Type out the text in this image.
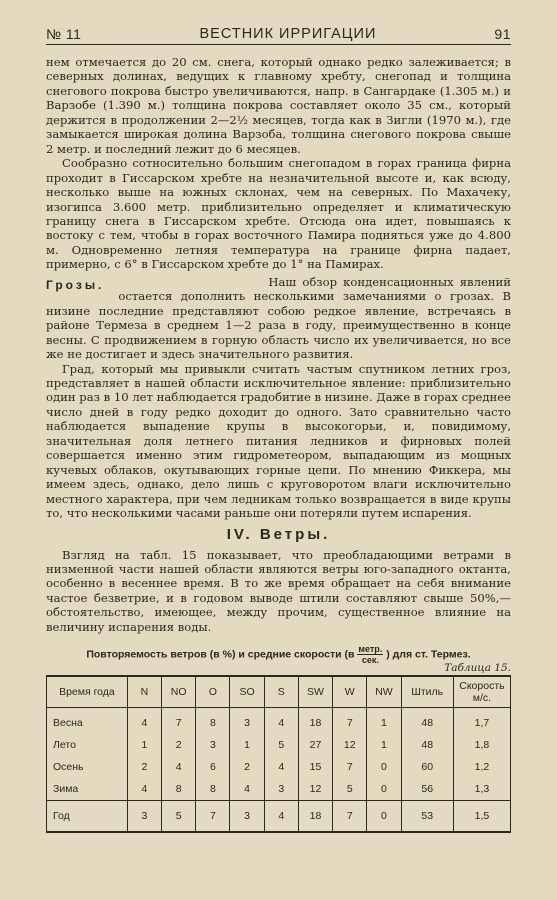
№ 11	ВЕСТНИК ИРРИГАЦИИ	91

нем отмечается до 20 см. снега, который однако редко залеживается; в северных долинах, ведущих к главному хребту, снегопад и толщина снегового покрова быстро увеличиваются, напр. в Сангардаке (1.305 м.) и Варзобе (1.390 м.) толщина покрова составляет около 35 см., который держится в продолжении 2—2½ месяцев, тогда как в Зигли (1970 м.), где замыкается широкая долина Варзоба, толщина снегового покрова свыше 2 метр. и последний лежит до 6 месяцев.

Сообразно сотносительно большим снегопадом в горах граница фирна проходит в Гиссарском хребте на незначительной высоте и, как всюду, несколько выше на южных склонах, чем на северных. По Махачеку, изогипса 3.600 метр. приблизительно определяет и климатическую границу снега в Гиссарском хребте. Отсюда она идет, повышаясь к востоку с тем, чтобы в горах восточного Памира подняться уже до 4.800 м. Одновременно летняя температура на границе фирна падает, примерно, с 6° в Гиссарском хребте до 1° на Памирах.

Грозы.	Наш обзор конденсационных явлений остается дополнить несколькими замечаниями о грозах. В низине последние представляют собою редкое явление, встречаясь в районе Термеза в среднем 1—2 раза в году, преимущественно в конце весны. С продвижением в горную область число их увеличивается, но все же не достигает и здесь значительного развития.

Град, который мы привыкли считать частым спутником летних гроз, представляет в нашей области исключительное явление: приблизительно один раз в 10 лет наблюдается градобитие в низине. Даже в горах среднее число дней в году редко доходит до одного. Зато сравнительно часто наблюдается выпадение крупы в высокогорьи, и, повидимому, значительная доля летнего питания ледников и фирновых полей совершается именно этим гидрометеором, выпадающим из мощных кучевых облаков, окутывающих горные цепи. По мнению Фиккера, мы имеем здесь, однако, дело лишь с круговоротом влаги исключительно местного характера, при чем ледникам только возвращается в виде крупы то, что несколькими часами раньше они потеряли путем испарения.

IV. Ветры.

Взгляд на табл. 15 показывает, что преобладающими ветрами в низменной части нашей области являются ветры юго-западного октанта, особенно в весеннее время. В то же время обращает на себя внимание частое безветрие, и в годовом выводе штили составляют свыше 50%,— обстоятельство, имеющее, между прочим, существенное влияние на величину испарения воды.

Повторяемость ветров (в %) и средние скорости ($в \frac{\text{метр.}}{\text{сек.}}$ ) для ст. Термез.
Таблица 15.
Время года	N	NO	O	SO	S	SW	W	NW	Штиль	Скорость м/с.
Весна	4	7	8	3	4	18	7	1	48	1,7
Лето	1	2	3	1	5	27	12	1	48	1,8
Осень	2	4	6	2	4	15	7	0	60	1,2
Зима	4	8	8	4	3	12	5	0	56	1,3
Год	3	5	7	3	4	18	7	0	53	1,5
